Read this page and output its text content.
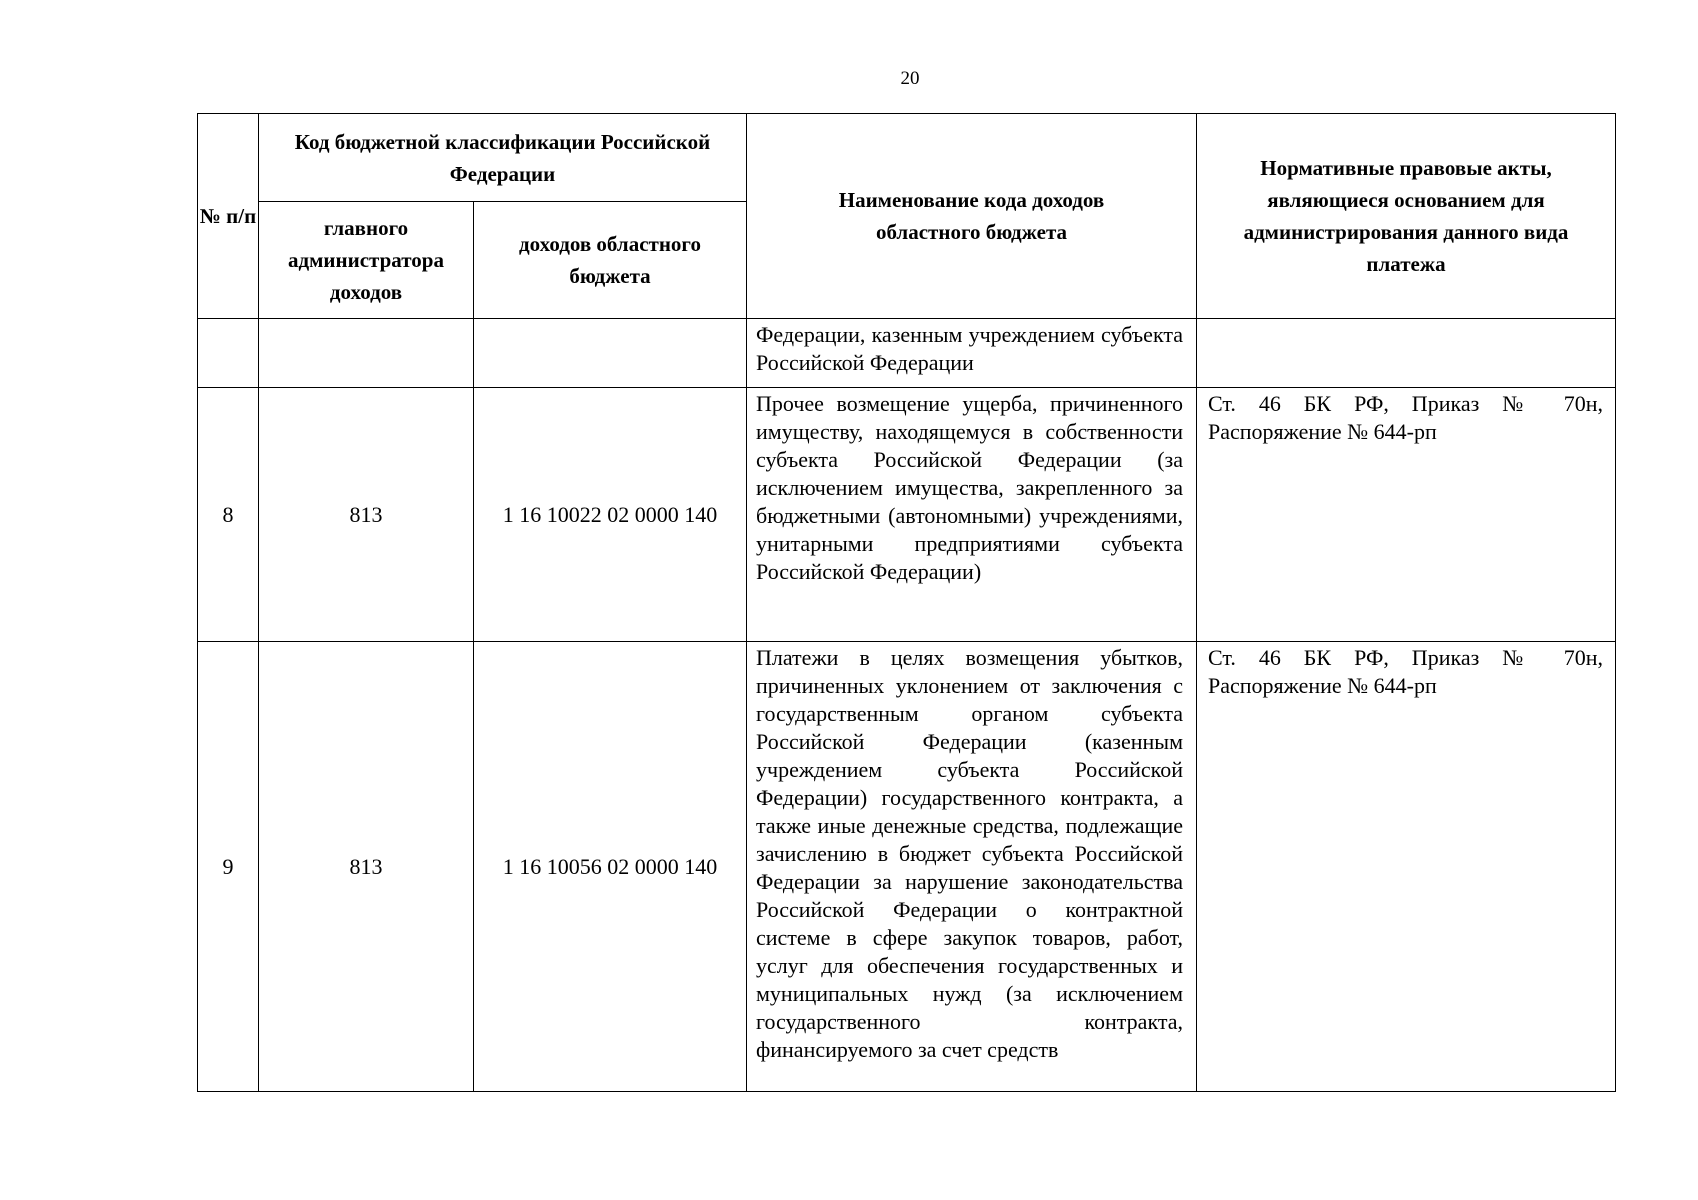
20
№ п/п	Код бюджетной классификации Российской Федерации		Наименование кода доходов областного бюджета	Нормативные правовые акты, являющиеся основанием для администрирования данного вида платежа
	главного администратора доходов	доходов областного бюджета		
			Федерации, казенным учреждением субъекта Российской Федерации	
8	813	1 16 10022 02 0000 140	Прочее возмещение ущерба, причиненного имуществу, находящемуся в собственности субъекта Российской Федерации (за исключением имущества, закрепленного за бюджетными (автономными) учреждениями, унитарными предприятиями субъекта Российской Федерации)	Ст. 46 БК РФ, Приказ № 70н, Распоряжение № 644-рп
9	813	1 16 10056 02 0000 140	Платежи в целях возмещения убытков, причиненных уклонением от заключения с государственным органом субъекта Российской Федерации (казенным учреждением субъекта Российской Федерации) государственного контракта, а также иные денежные средства, подлежащие зачислению в бюджет субъекта Российской Федерации за нарушение законодательства Российской Федерации о контрактной системе в сфере закупок товаров, работ, услуг для обеспечения государственных и муниципальных нужд (за исключением государственного контракта, финансируемого за счет средств	Ст. 46 БК РФ, Приказ № 70н, Распоряжение № 644-рп
